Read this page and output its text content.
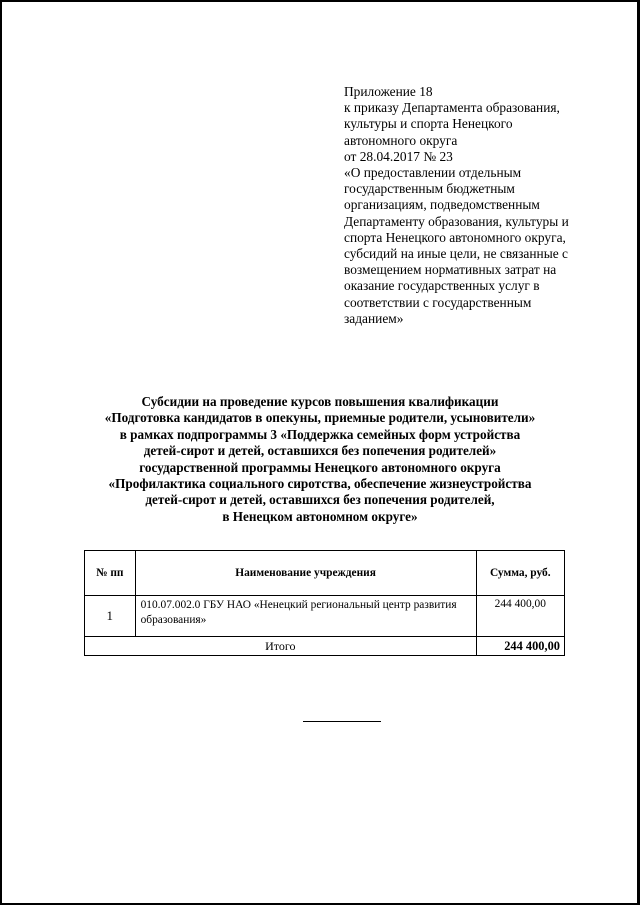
Приложение 18
к приказу Департамента образования,
культуры и спорта Ненецкого
автономного округа
от 28.04.2017 № 23
«О предоставлении отдельным
государственным бюджетным
организациям, подведомственным
Департаменту образования, культуры и
спорта Ненецкого автономного округа,
субсидий на иные цели, не связанные с
возмещением нормативных затрат на
оказание государственных услуг в
соответствии с государственным
заданием»
Субсидии на проведение курсов повышения квалификации
«Подготовка кандидатов в опекуны, приемные родители, усыновители»
в рамках подпрограммы 3 «Поддержка семейных форм устройства
детей-сирот и детей, оставшихся без попечения родителей»
государственной программы Ненецкого автономного округа
«Профилактика социального сиротства, обеспечение жизнеустройства
детей-сирот и детей, оставшихся без попечения родителей,
в Ненецком автономном округе»
№ пп	Наименование учреждения	Сумма, руб.
1	010.07.002.0 ГБУ НАО «Ненецкий региональный центр развития образования»	244 400,00
Итого		244 400,00
